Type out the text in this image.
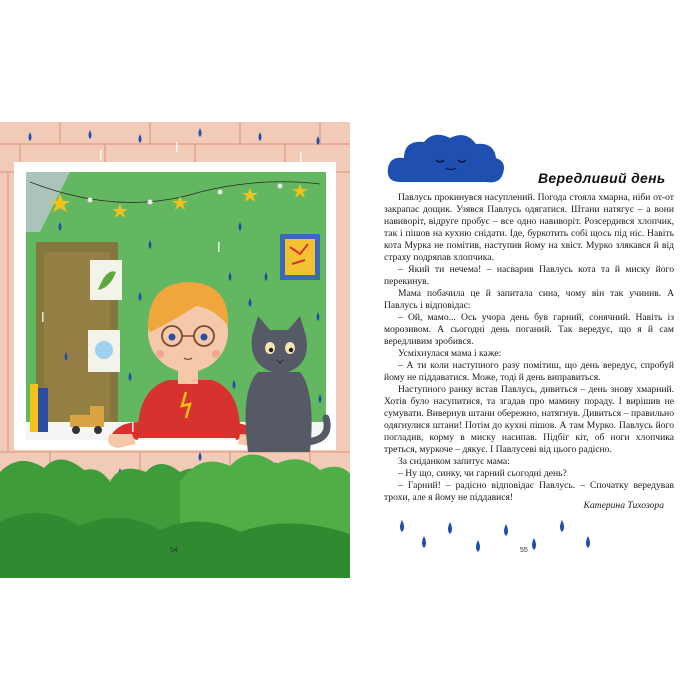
54
Вередливий день

Павлусь прокинувся насуплений. Погода стояла хмарна, ніби от-от закрапає дощик. Узявся Павлусь одягатися. Штани натягує – а вони навиворіт, відруге пробує – все одно навиворіт. Розсердився хлопчик, так і пішов на кухню снідати. Іде, буркотить собі щось під ніс. Навіть кота Мурка не помітив, наступив йому на хвіст. Мурко злякався й від страху подряпав хлопчика.

– Який ти нечема! – насварив Павлусь кота та й миску його перекинув.

Мама побачила це й запитала сина, чому він так учинив. А Павлусь і відповідає:

– Ой, мамо... Ось учора день був гарний, сонячний. Навіть із морозивом. А сьогодні день поганий. Так вередує, що я й сам вередливим зробився.

Усміхнулася мама і каже:

– А ти коли наступного разу помітиш, що день вередує, спробуй йому не піддаватися. Може, тоді й день виправиться.

Наступного ранку встав Павлусь, дивиться – день знову хмарний. Хотів було насупитися, та згадав про мамину пораду. І вирішив не сумувати. Вивернув штани обережно, натягнув. Дивиться – правильно одягнулися штани! Потім до кухні пішов. А там Мурко. Павлусь його погладив, корму в миску насипав. Підбіг кіт, об ноги хлопчика треться, муркоче – дякує. І Павлусеві від цього радісно.

За сніданком запитує мама:

– Ну що, синку, чи гарний сьогодні день?

– Гарний! – радісно відповідає Павлусь. – Спочатку вередував трохи, але я йому не піддавися!

Катерина Тихозора
55
